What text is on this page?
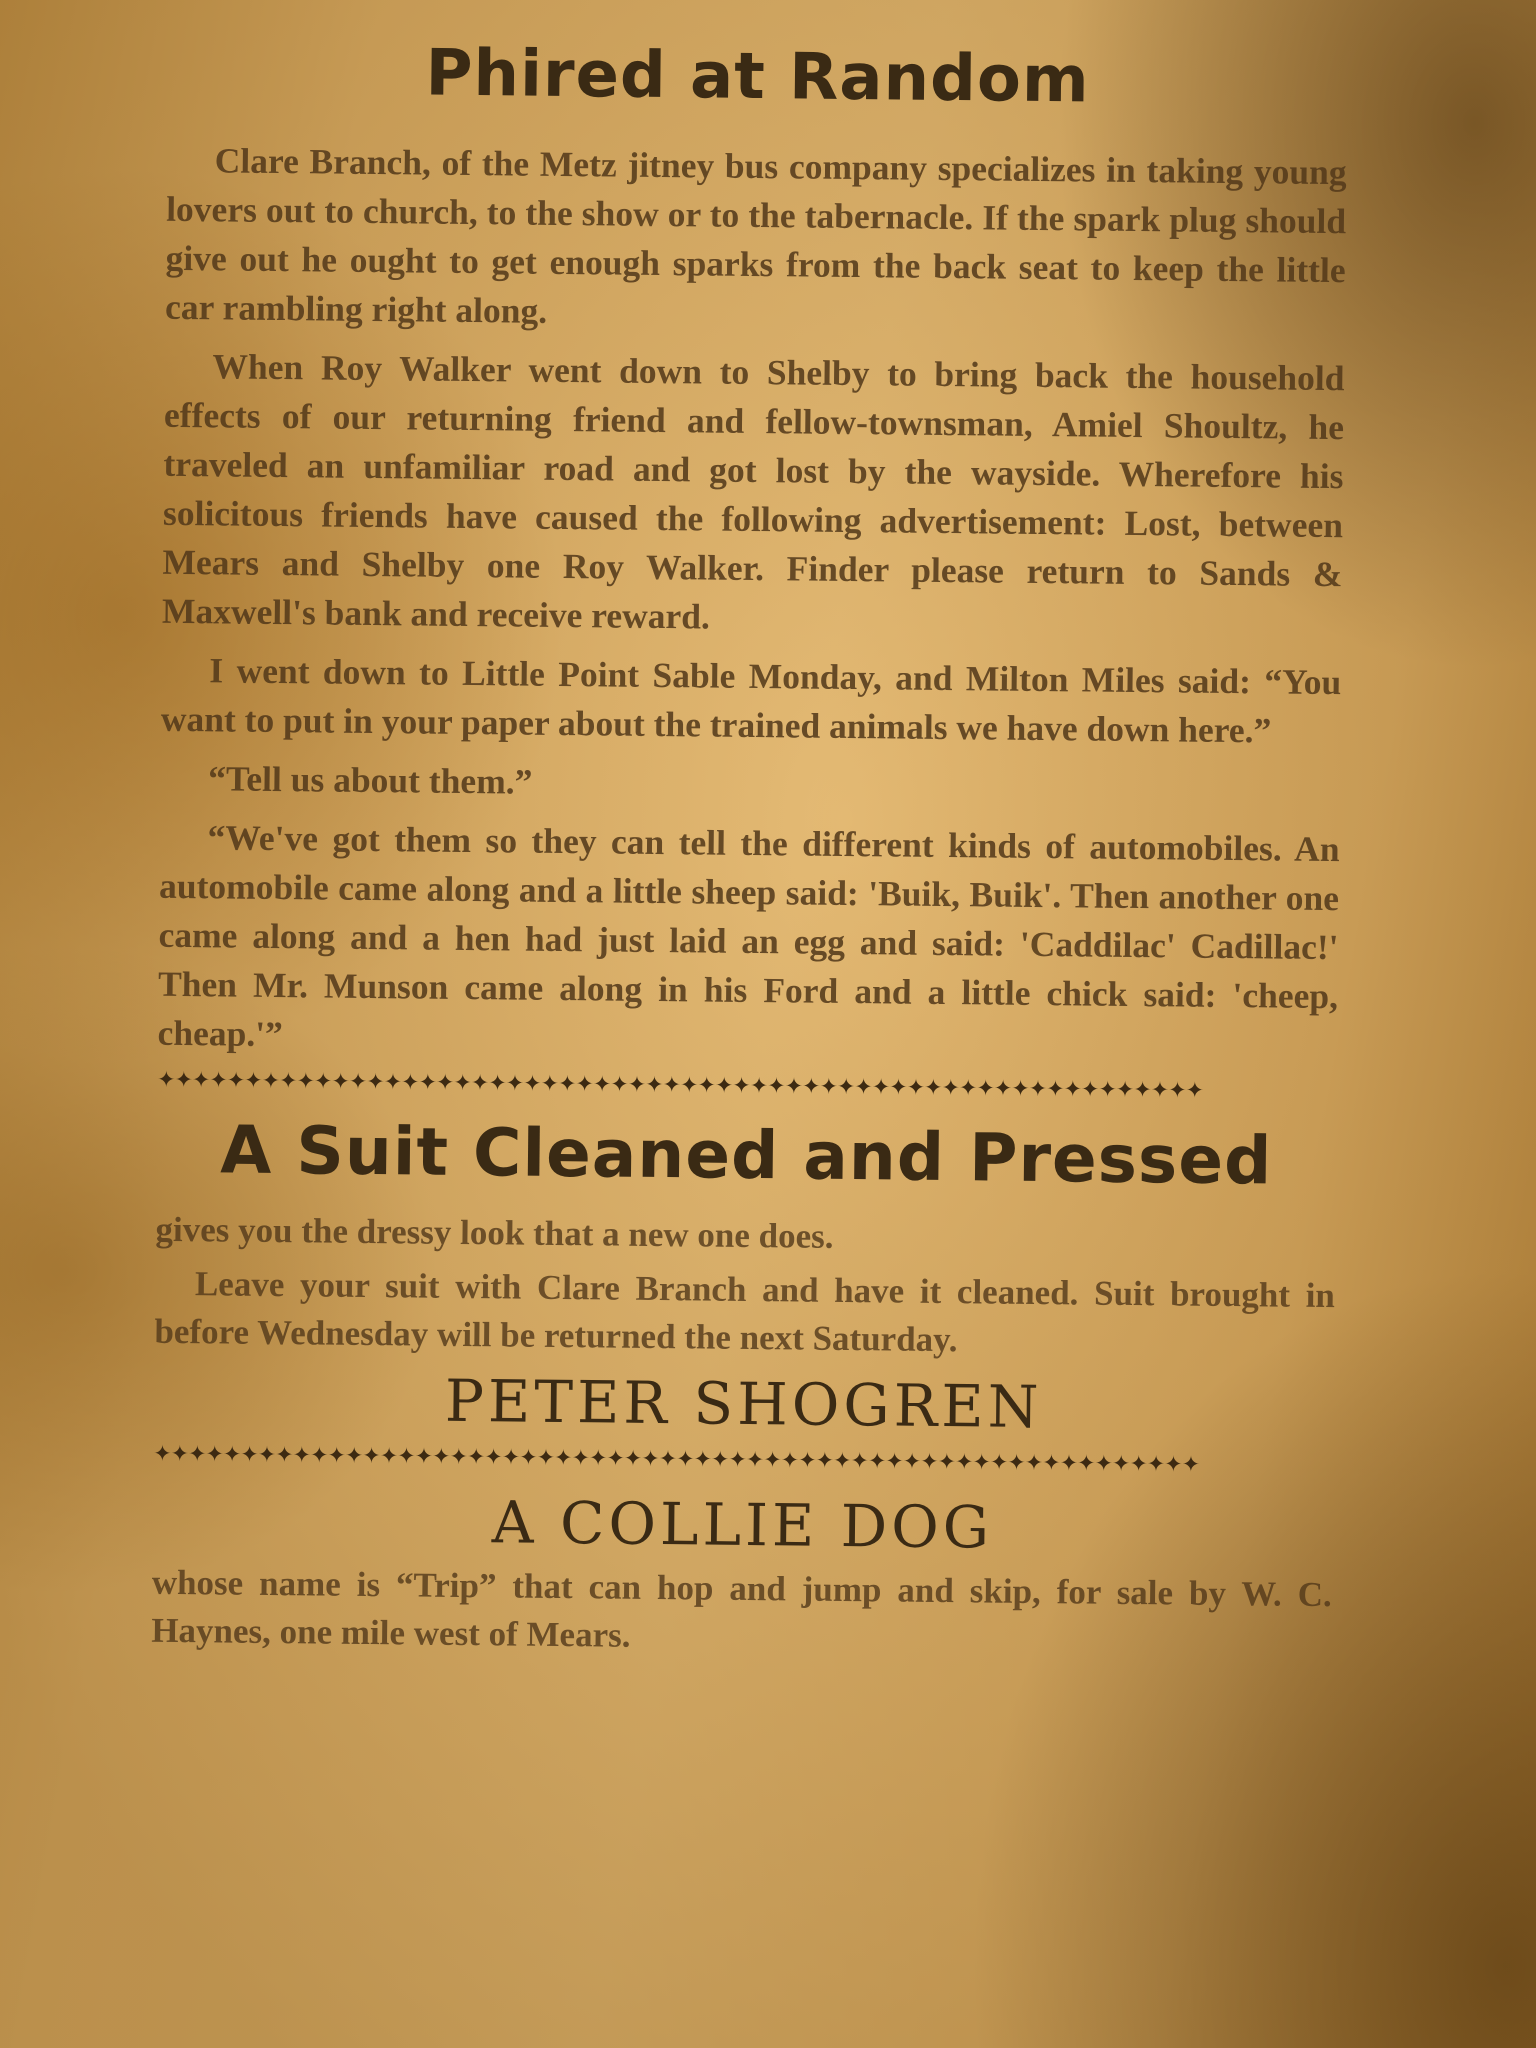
Phired at Random

Clare Branch, of the Metz jitney bus company specializes in taking young lovers out to church, to the show or to the tabernacle. If the spark plug should give out he ought to get enough sparks from the back seat to keep the little car rambling right along.

When Roy Walker went down to Shelby to bring back the household effects of our returning friend and fellow-townsman, Amiel Shoultz, he traveled an unfamiliar road and got lost by the wayside. Wherefore his solicitous friends have caused the following advertisement: Lost, between Mears and Shelby one Roy Walker. Finder please return to Sands & Maxwell's bank and receive reward.

I went down to Little Point Sable Monday, and Milton Miles said: “You want to put in your paper about the trained animals we have down here.”

“Tell us about them.”

“We've got them so they can tell the different kinds of automobiles. An automobile came along and a little sheep said: 'Buik, Buik'. Then another one came along and a hen had just laid an egg and said: 'Caddilac' Cadillac!' Then Mr. Munson came along in his Ford and a little chick said: 'cheep, cheap.'”

✦✦✦✦✦✦✦✦✦✦✦✦✦✦✦✦✦✦✦✦✦✦✦✦✦✦✦✦✦✦✦✦✦✦✦✦✦✦✦✦✦✦✦✦✦✦✦✦✦✦✦✦✦✦✦✦✦✦✦✦
A Suit Cleaned and Pressed

gives you the dressy look that a new one does.

Leave your suit with Clare Branch and have it cleaned. Suit brought in before Wednesday will be returned the next Saturday.

PETER SHOGREN
✦✦✦✦✦✦✦✦✦✦✦✦✦✦✦✦✦✦✦✦✦✦✦✦✦✦✦✦✦✦✦✦✦✦✦✦✦✦✦✦✦✦✦✦✦✦✦✦✦✦✦✦✦✦✦✦✦✦✦✦
A COLLIE DOG

whose name is “Trip” that can hop and jump and skip, for sale by W. C. Haynes, one mile west of Mears.
